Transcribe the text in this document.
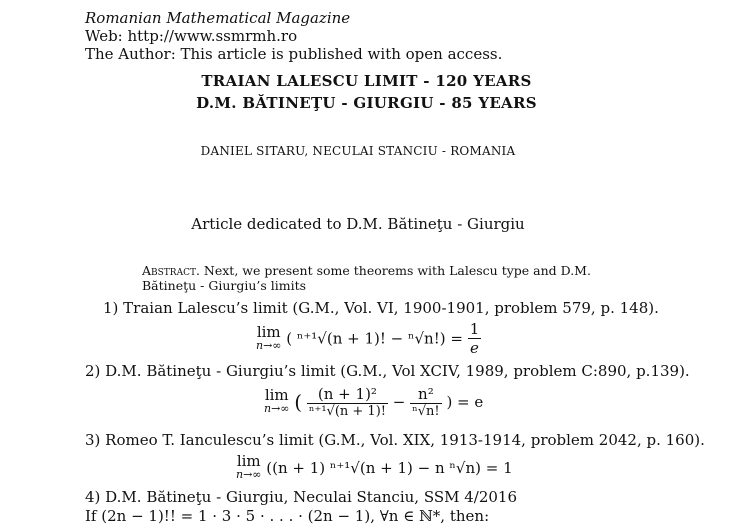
Romanian Mathematical Magazine
Web: http://www.ssmrmh.ro
The Author: This article is published with open access.
TRAIAN LALESCU LIMIT - 120 YEARS
D.M. BĂTINEŢU - GIURGIU - 85 YEARS
DANIEL SITARU, NECULAI STANCIU - ROMANIA
Article dedicated to D.M. Bătineţu - Giurgiu
Abstract. Next, we present some theorems with Lalescu type and D.M.
Bătineţu - Giurgiu’s limits
1) Traian Lalescu’s limit (G.M., Vol. VI, 1900-1901, problem 579, p. 148).
lim
n→∞ ( ⁿ⁺¹√(n + 1)! − $^n√n!) = \frac{1}{e}$
2) D.M. Bătineţu - Giurgiu’s limit (G.M., Vol XCIV, 1989, problem C:890, p.139).
lim
n→∞ ( $\frac{\text{(n + 1)²}}{\text{ⁿ⁺¹√(n + 1)!}} - \frac{\text{n²}}{\text{ⁿ√n!}}$ ) = e
3) Romeo T. Ianculescu’s limit (G.M., Vol. XIX, 1913-1914, problem 2042, p. 160).
lim
n→∞ ((n + 1) ⁿ⁺¹√(n + 1) − n ⁿ√n) = 1
4) D.M. Bătineţu - Giurgiu, Neculai Stanciu, SSM 4/2016
If (2n − 1)!! = 1 · 3 · 5 · . . . · (2n − 1), ∀n ∈ ℕ*, then:
